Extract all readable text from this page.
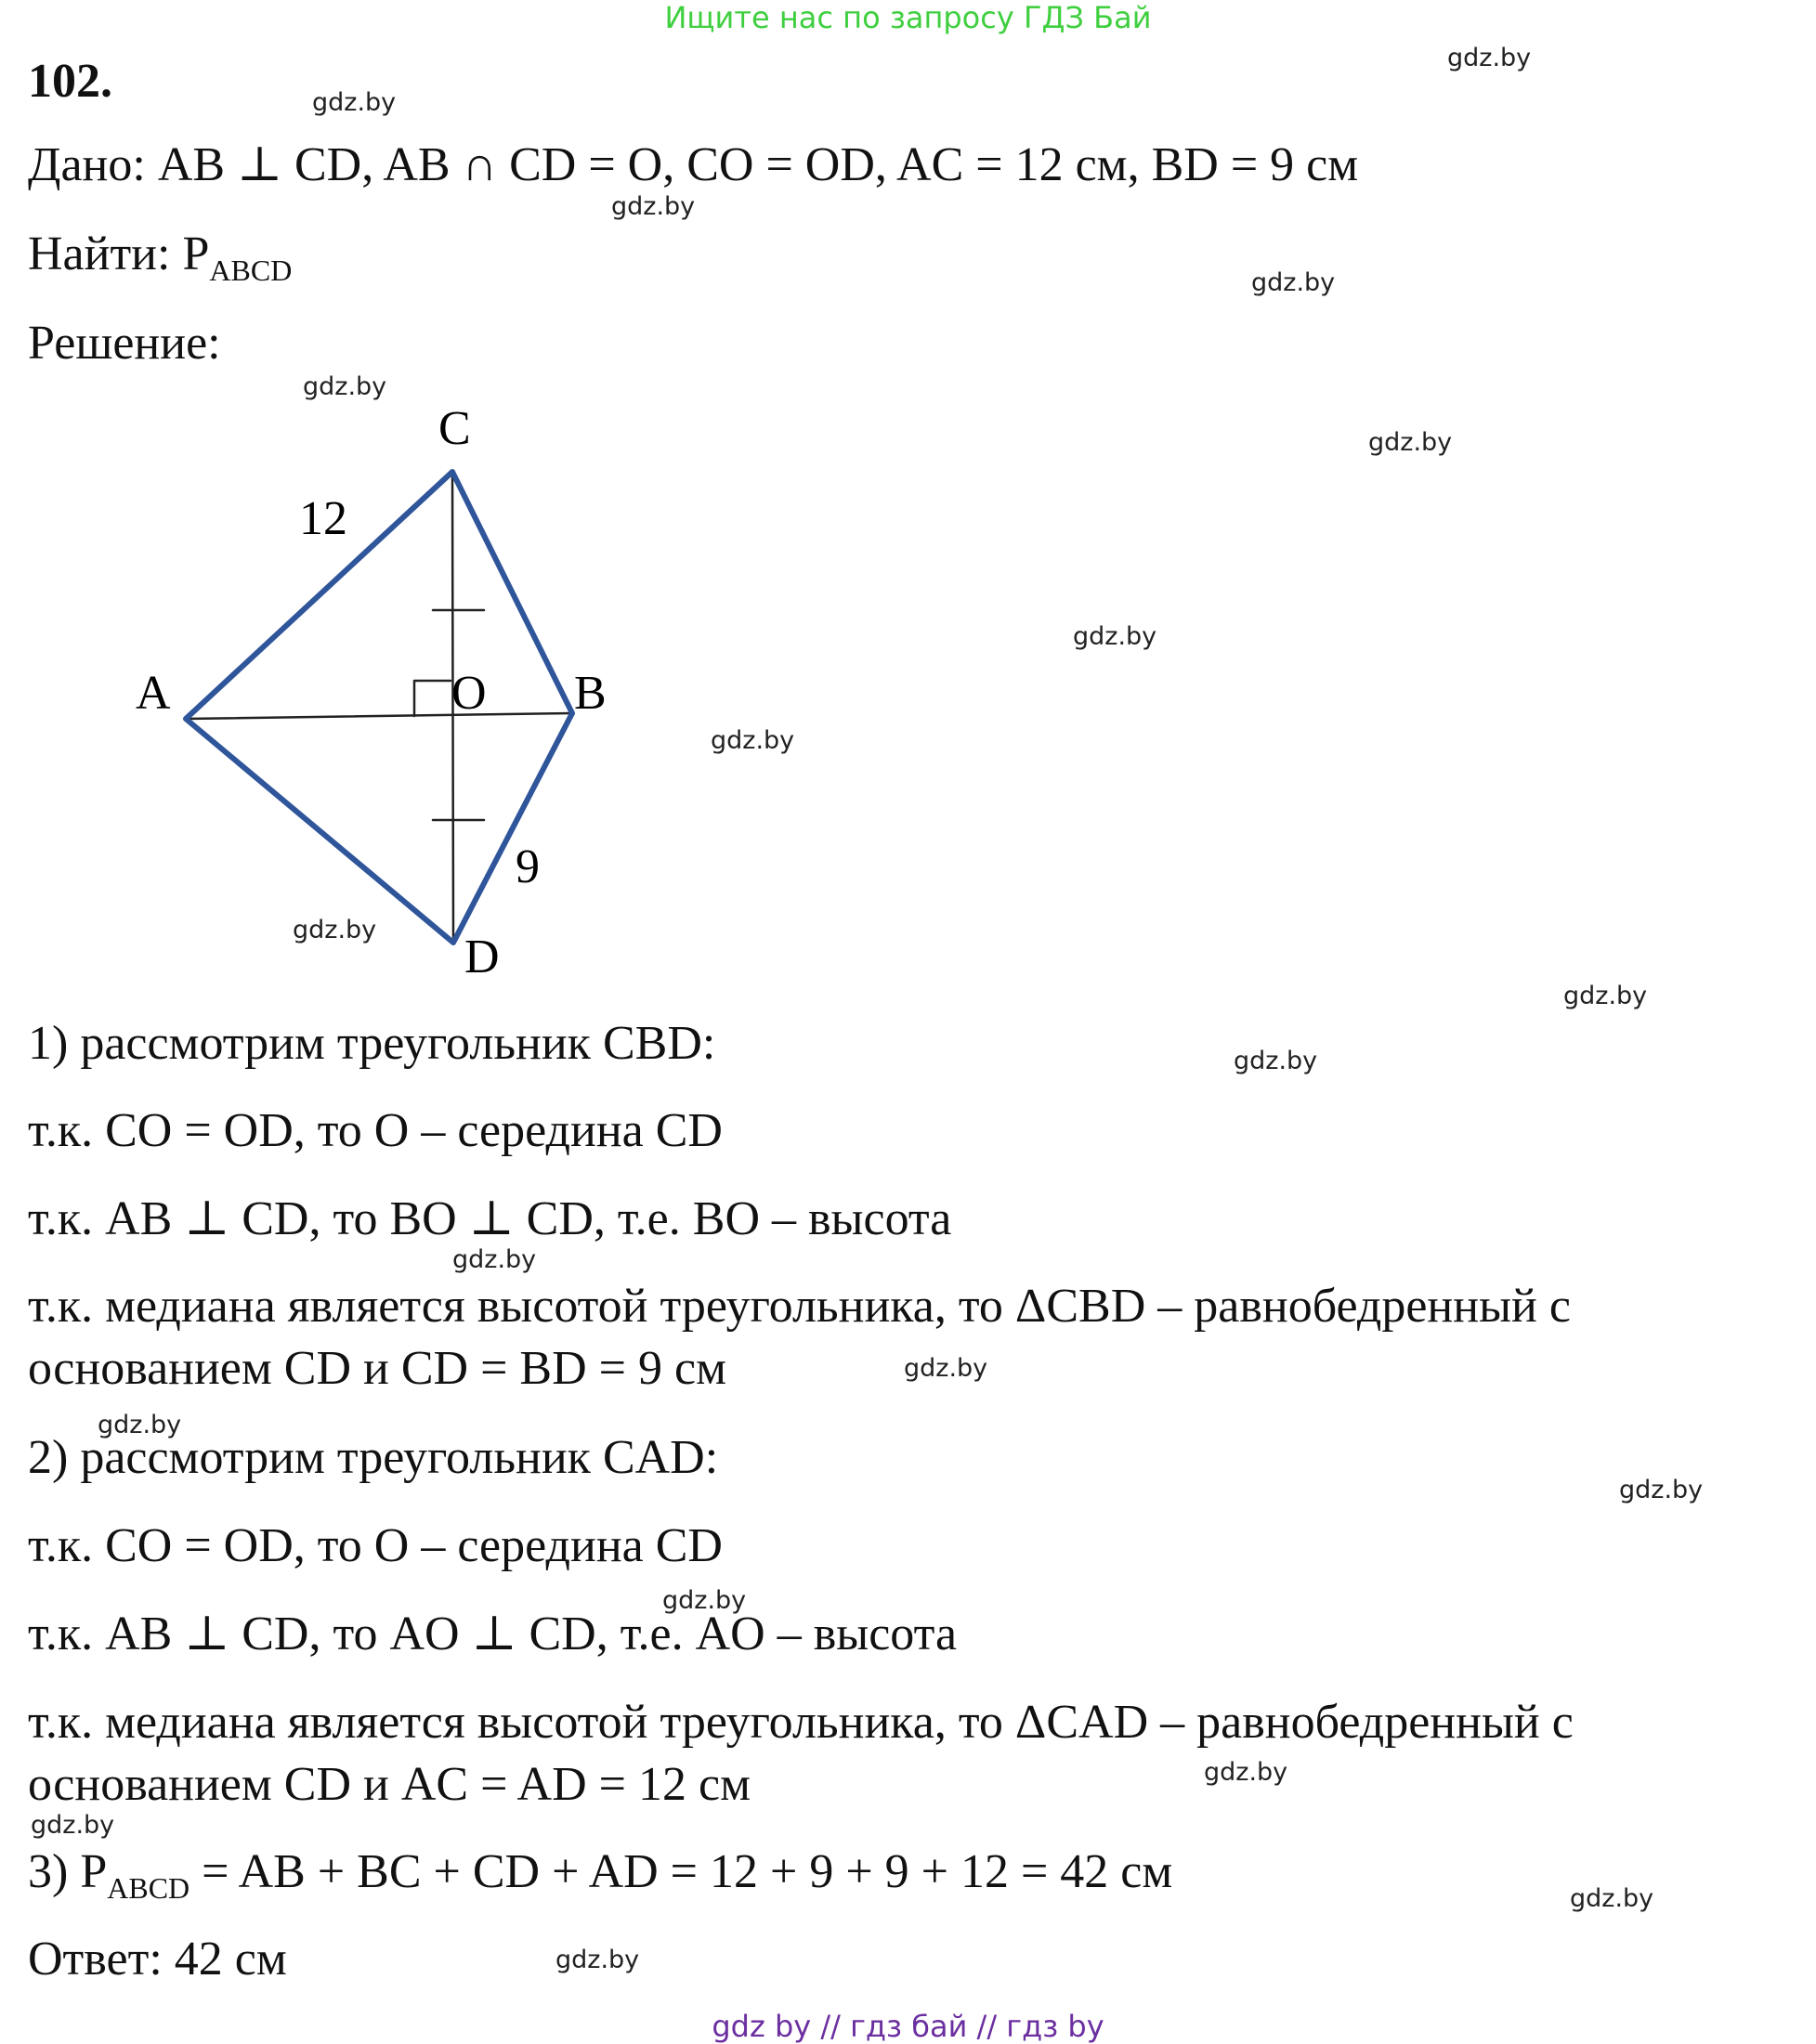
Ищите нас по запросу ГДЗ Бай
102.
Дано: AB ⊥ CD, AB ∩ CD = O, CO = OD, AC = 12 см, BD = 9 см
Найти: $P_{ABCD}$
Решение:
C
A	O B
D
12
9
1) рассмотрим треугольник CBD:
т.к. CO = OD, то O – середина CD
т.к. AB ⊥ CD, то BO ⊥ CD, т.е. BO – высота
т.к. медиана является высотой треугольника, то ΔCBD – равнобедренный с
основанием CD и CD = BD = 9 см
2) рассмотрим треугольник CAD:
т.к. CO = OD, то O – середина CD
т.к. AB ⊥ CD, то AO ⊥ CD, т.е. AO – высота
т.к. медиана является высотой треугольника, то ΔCAD – равнобедренный с
основанием CD и AC = AD = 12 см
3) $P_{ABCD}$ = AB + BC + CD + AD = 12 + 9 + 9 + 12 = 42 см
Ответ: 42 см
gdz.by
gdz.by
gdz.by
gdz.by
gdz.by
gdz.by
gdz.by
gdz.by
gdz.by
gdz.by
gdz.by
gdz.by
gdz.by
gdz.by
gdz.by
gdz.by
gdz.by
gdz.by
gdz.by
gdz.by
gdz by // гдз бай // гдз by
